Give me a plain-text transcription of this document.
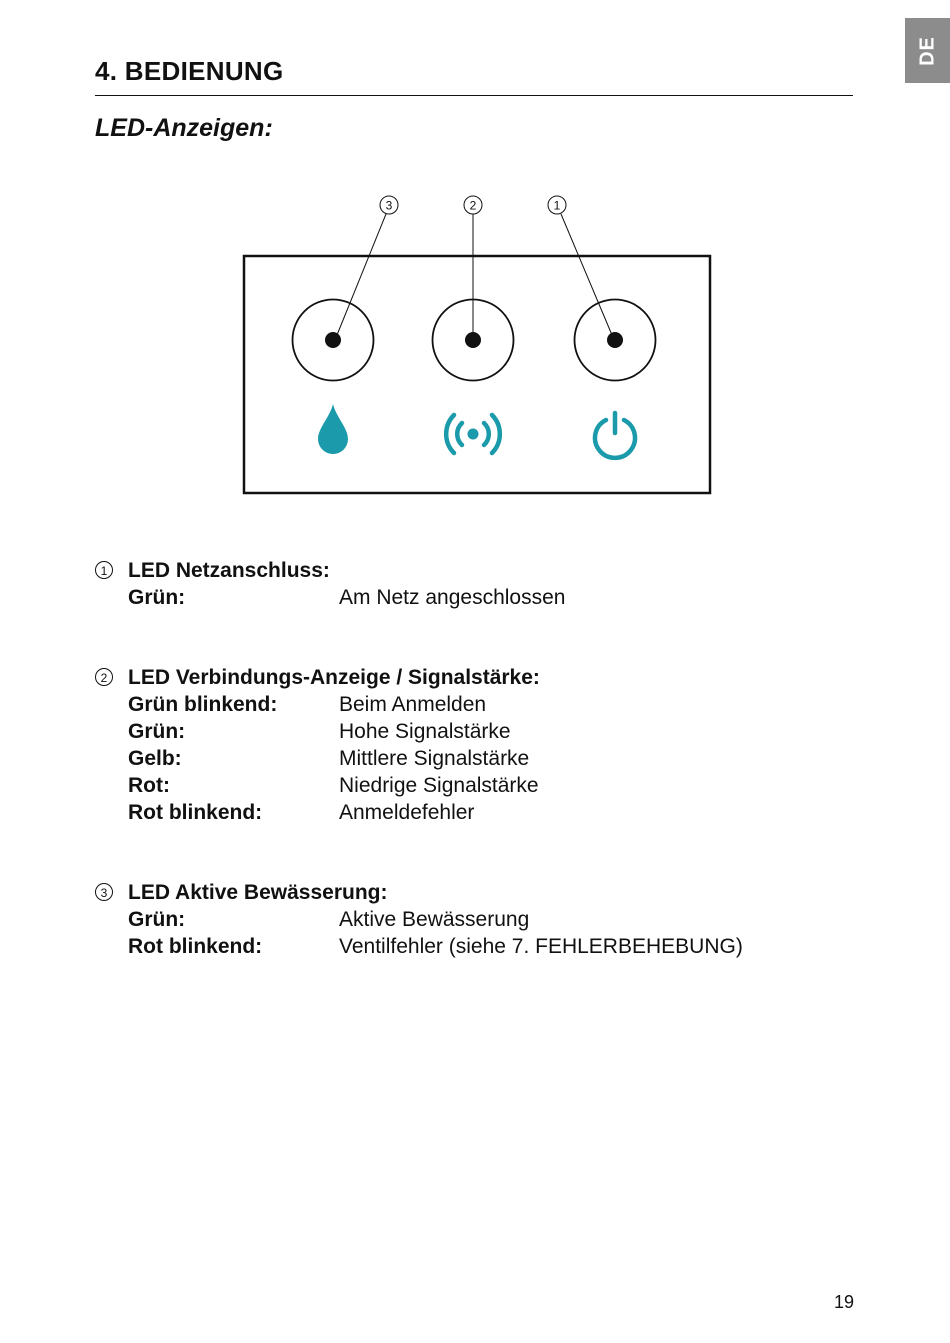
DE
4. BEDIENUNG
LED-Anzeigen:
3	2	1
1 LED Netzanschluss:
Grün:	Am Netz angeschlossen
2 LED Verbindungs-Anzeige / Signalstärke:
Grün blinkend:	Beim Anmelden
Grün:	Hohe Signalstärke
Gelb:	Mittlere Signalstärke
Rot:	Niedrige Signalstärke
Rot blinkend:	Anmeldefehler
3 LED Aktive Bewässerung:
Grün:	Aktive Bewässerung
Rot blinkend:	Ventilfehler (siehe 7. FEHLERBEHEBUNG)
19
